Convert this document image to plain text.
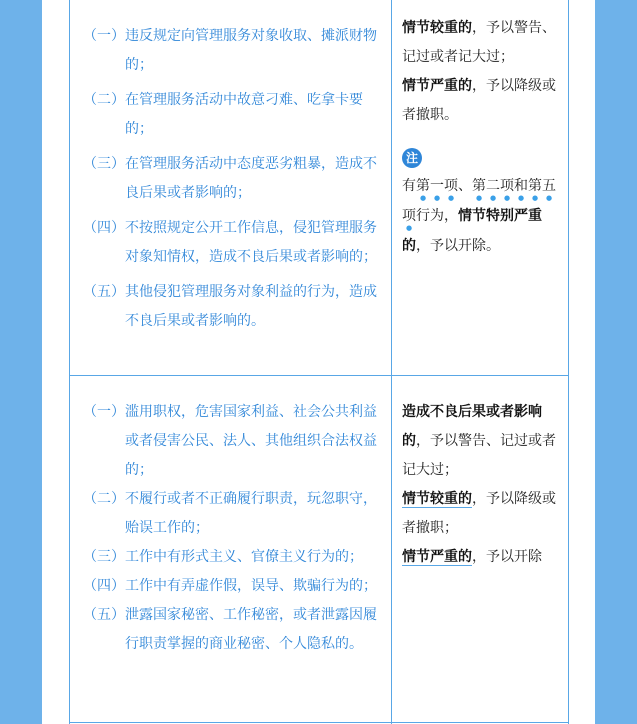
（一） 违反规定向管理服务对象收取、摊派财物的；
（二） 在管理服务活动中故意刁难、吃拿卡要的；
（三） 在管理服务活动中态度恶劣粗暴，造成不良后果或者影响的；
（四） 不按照规定公开工作信息，侵犯管理服务对象知情权，造成不良后果或者影响的；
（五） 其他侵犯管理服务对象利益的行为，造成不良后果或者影响的。

情节较重的，予以警告、记过或者记大过；

情节严重的，予以降级或者撤职。

注

有第一项、第二项和第五项行为，情节特别严重的，予以开除。

（一） 滥用职权，危害国家利益、社会公共利益或者侵害公民、法人、其他组织合法权益的；
（二） 不履行或者不正确履行职责，玩忽职守，贻误工作的；
（三） 工作中有形式主义、官僚主义行为的；
（四） 工作中有弄虚作假，误导、欺骗行为的；
（五） 泄露国家秘密、工作秘密，或者泄露因履行职责掌握的商业秘密、个人隐私的。

造成不良后果或者影响的，予以警告、记过或者记大过；

情节较重的，予以降级或者撤职；

情节严重的，予以开除
